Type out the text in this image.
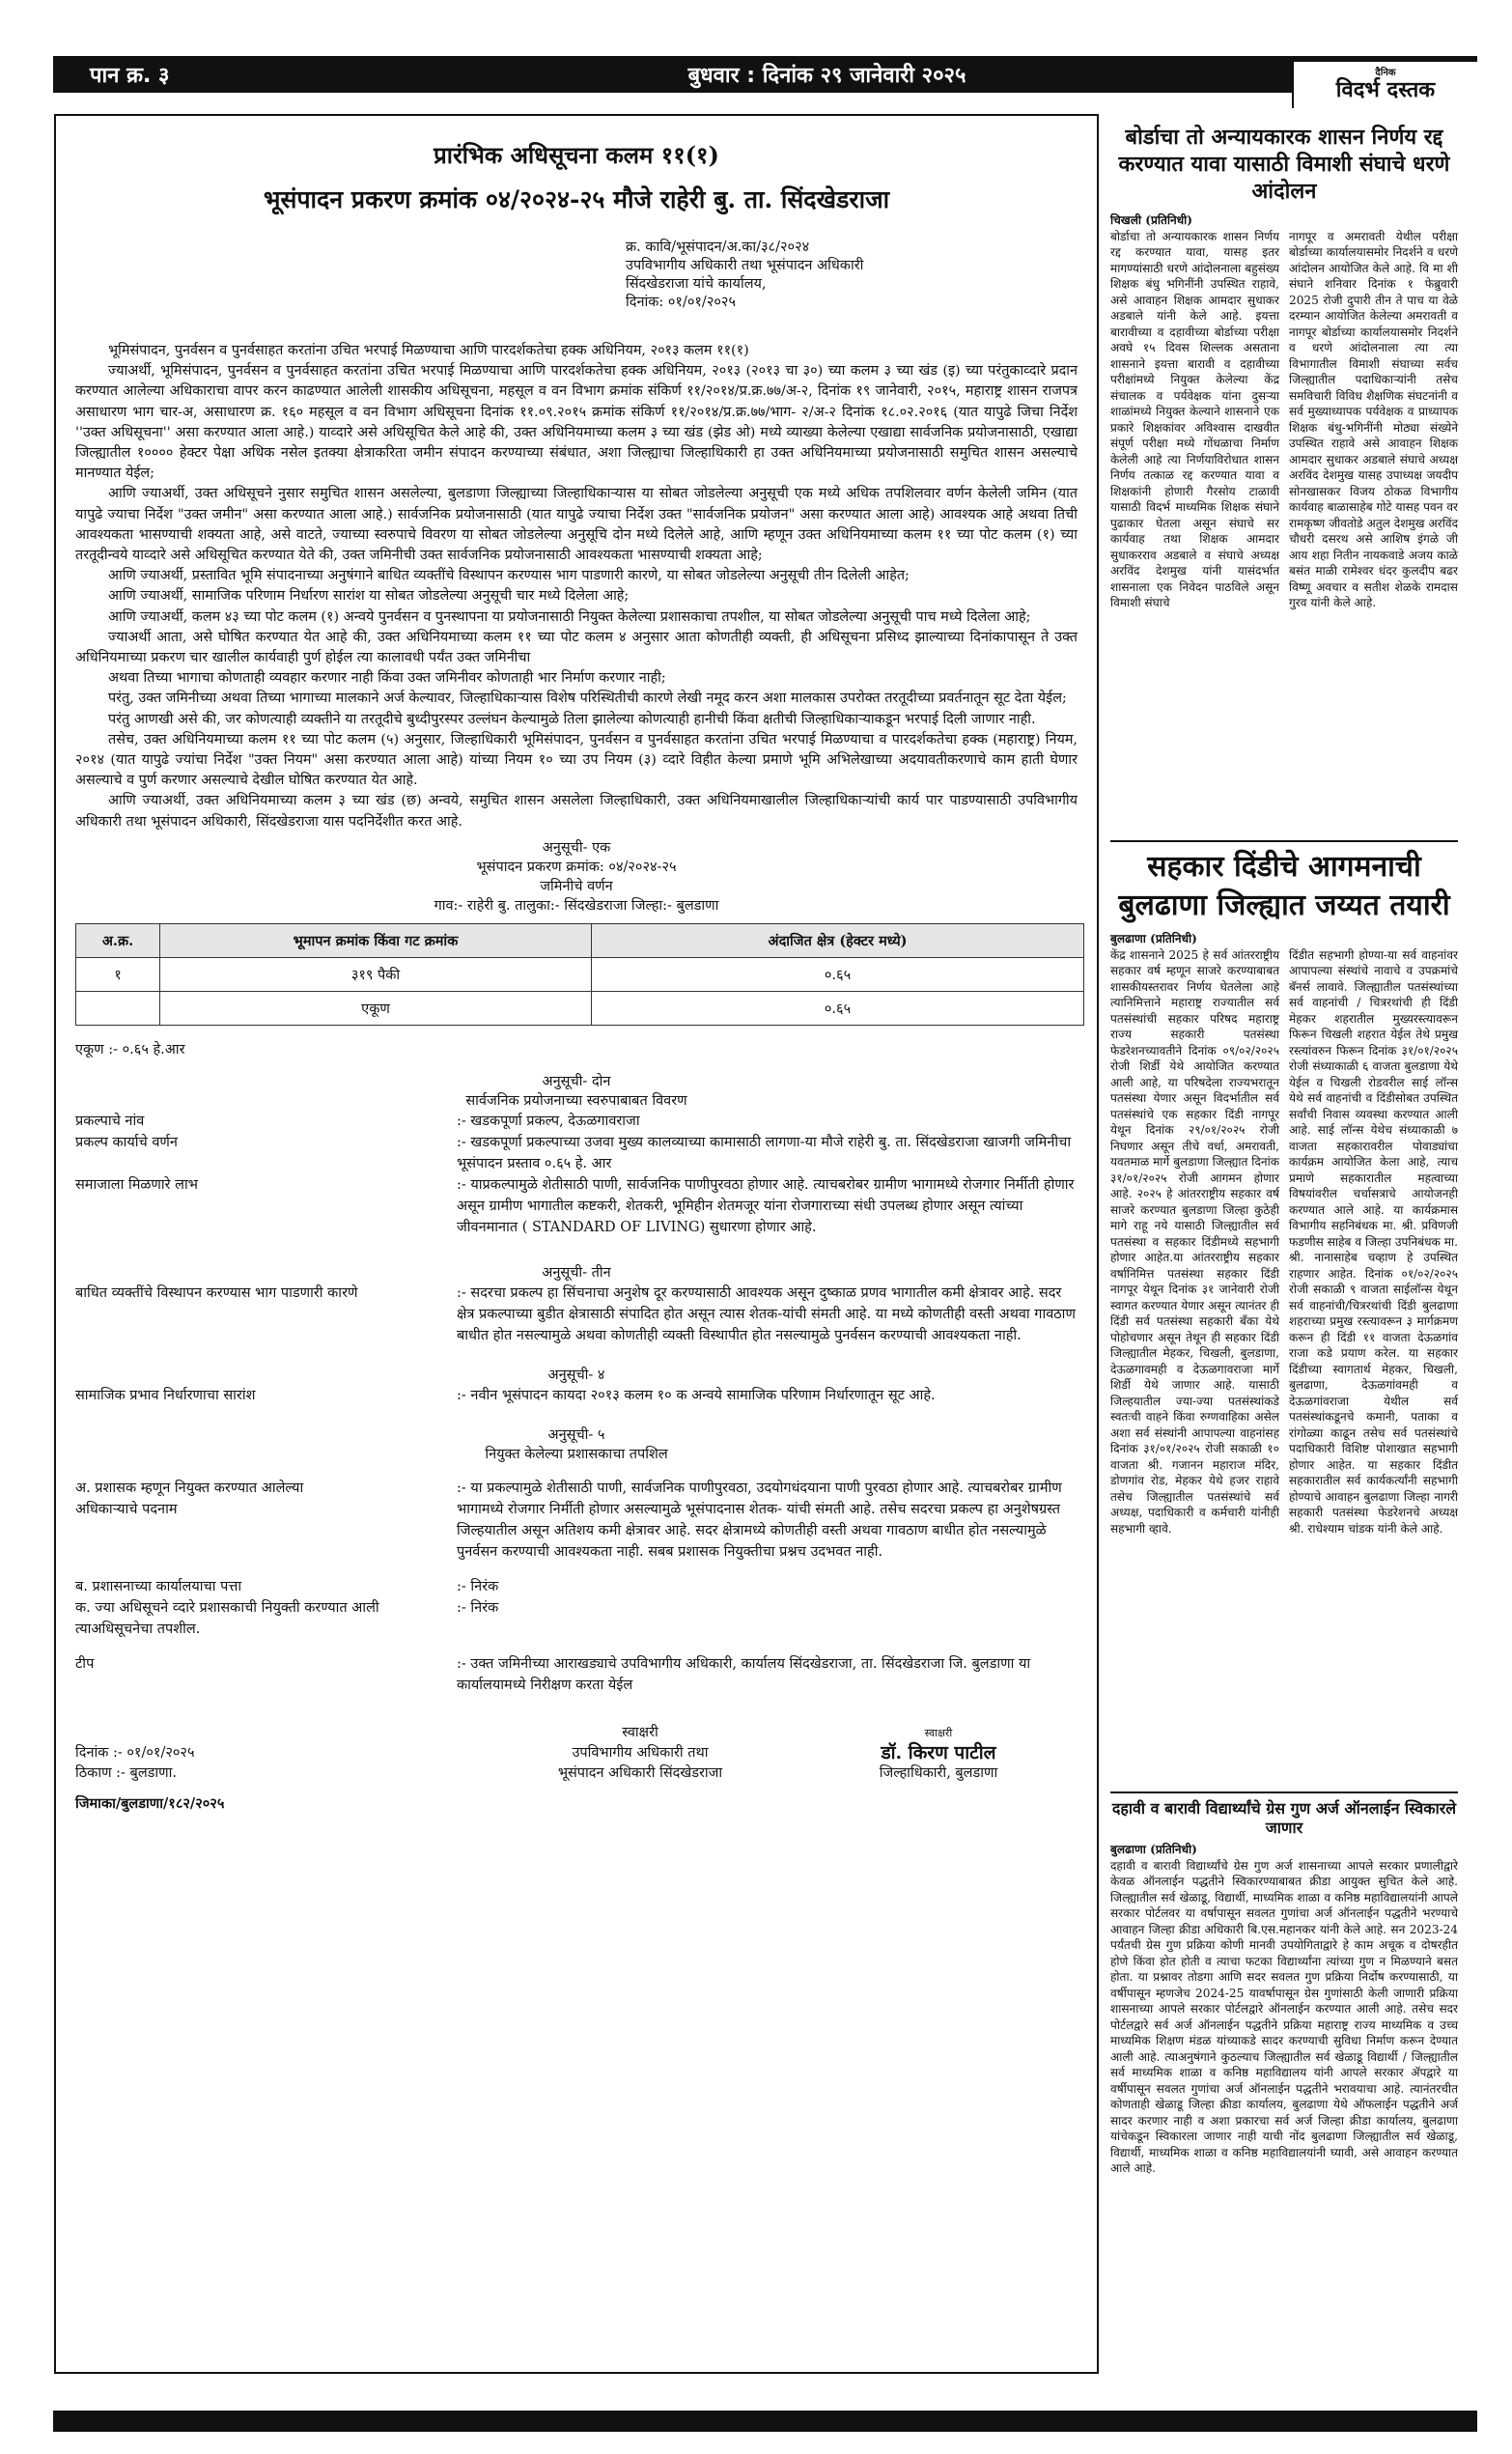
पान क्र. ३	बुधवार : दिनांक २९ जानेवारी २०२५	दैनिक
विदर्भ दस्तक
प्रारंभिक अधिसूचना कलम ११(१)
भूसंपादन प्रकरण क्रमांक ०४/२०२४-२५ मौजे राहेरी बु. ता. सिंदखेडराजा
क्र. कावि/भूसंपादन/अ.का/३८/२०२४
उपविभागीय अधिकारी तथा भूसंपादन अधिकारी
सिंदखेडराजा यांचे कार्यालय,
दिनांक: ०१/०१/२०२५

भूमिसंपादन, पुनर्वसन व पुनर्वसाहत करतांना उचित भरपाई मिळण्याचा आणि पारदर्शकतेचा हक्क अधिनियम, २०१३ कलम ११(१)

ज्याअर्थी, भूमिसंपादन, पुनर्वसन व पुनर्वसाहत करतांना उचित भरपाई मिळण्याचा आणि पारदर्शकतेचा हक्क अधिनियम, २०१३ (२०१३ चा ३०) च्या कलम ३ च्या खंड (इ) च्या परंतुकाव्दारे प्रदान करण्यात आलेल्या अधिकाराचा वापर करन काढण्यात आलेली शासकीय अधिसूचना, महसूल व वन विभाग क्रमांक संकिर्ण ११/२०१४/प्र.क्र.७७/अ-२, दिनांक १९ जानेवारी, २०१५, महाराष्ट्र शासन राजपत्र असाधारण भाग चार-अ, असाधारण क्र. १६० महसूल व वन विभाग अधिसूचना दिनांक ११.०९.२०१५ क्रमांक संकिर्ण ११/२०१४/प्र.क्र.७७/भाग- २/अ-२ दिनांक १८.०२.२०१६ (यात यापुढे जिचा निर्देश ''उक्त अधिसूचना'' असा करण्यात आला आहे.) याव्दारे असे अधिसूचित केले आहे की, उक्त अधिनियमाच्या कलम ३ च्या खंड (झेड ओ) मध्ये व्याख्या केलेल्या एखाद्या सार्वजनिक प्रयोजनासाठी, एखाद्या जिल्ह्यातील १०००० हेक्टर पेक्षा अधिक नसेल इतक्या क्षेत्राकरिता जमीन संपादन करण्याच्या संबंधात, अशा जिल्ह्याचा जिल्हाधिकारी हा उक्त अधिनियमाच्या प्रयोजनासाठी समुचित शासन असल्याचे मानण्यात येईल;

आणि ज्याअर्थी, उक्त अधिसूचने नुसार समुचित शासन असलेल्या, बुलडाणा जिल्ह्याच्या जिल्हाधिकाऱ्यास या सोबत जोडलेल्या अनुसूची एक मध्ये अधिक तपशिलवार वर्णन केलेली जमिन (यात यापुढे ज्याचा निर्देश "उक्त जमीन" असा करण्यात आला आहे.) सार्वजनिक प्रयोजनासाठी (यात यापुढे ज्याचा निर्देश उक्त "सार्वजनिक प्रयोजन" असा करण्यात आला आहे) आवश्यक आहे अथवा तिची आवश्यकता भासण्याची शक्यता आहे, असे वाटते, ज्याच्या स्वरुपाचे विवरण या सोबत जोडलेल्या अनुसूचि दोन मध्ये दिलेले आहे, आणि म्हणून उक्त अधिनियमाच्या कलम ११ च्या पोट कलम (१) च्या तरतूदीन्वये याव्दारे असे अधिसूचित करण्यात येते की, उक्त जमिनीची उक्त सार्वजनिक प्रयोजनासाठी आवश्यकता भासण्याची शक्यता आहे;

आणि ज्याअर्थी, प्रस्तावित भूमि संपादनाच्या अनुषंगाने बाधित व्यक्तींचे विस्थापन करण्यास भाग पाडणारी कारणे, या सोबत जोडलेल्या अनुसूची तीन दिलेली आहेत;

आणि ज्याअर्थी, सामाजिक परिणाम निर्धारण सारांश या सोबत जोडलेल्या अनुसूची चार मध्ये दिलेला आहे;

आणि ज्याअर्थी, कलम ४३ च्या पोट कलम (१) अन्वये पुनर्वसन व पुनस्थापना या प्रयोजनासाठी नियुक्त केलेल्या प्रशासकाचा तपशील, या सोबत जोडलेल्या अनुसूची पाच मध्ये दिलेला आहे;

ज्याअर्थी आता, असे घोषित करण्यात येत आहे की, उक्त अधिनियमाच्या कलम ११ च्या पोट कलम ४ अनुसार आता कोणतीही व्यक्ती, ही अधिसूचना प्रसिध्द झाल्याच्या दिनांकापासून ते उक्त अधिनियमाच्या प्रकरण चार खालील कार्यवाही पुर्ण होईल त्या कालावधी पर्यंत उक्त जमिनीचा

अथवा तिच्या भागाचा कोणताही व्यवहार करणार नाही किंवा उक्त जमिनीवर कोणताही भार निर्माण करणार नाही;

परंतु, उक्त जमिनीच्या अथवा तिच्या भागाच्या मालकाने अर्ज केल्यावर, जिल्हाधिकाऱ्यास विशेष परिस्थितीची कारणे लेखी नमूद करन अशा मालकास उपरोक्त तरतूदीच्या प्रवर्तनातून सूट देता येईल;

परंतु आणखी असे की, जर कोणत्याही व्यक्तीने या तरतूदीचे बुध्दीपुरस्पर उल्लंघन केल्यामुळे तिला झालेल्या कोणत्याही हानीची किंवा क्षतीची जिल्हाधिकाऱ्याकडून भरपाई दिली जाणार नाही.

तसेच, उक्त अधिनियमाच्या कलम ११ च्या पोट कलम (५) अनुसार, जिल्हाधिकारी भूमिसंपादन, पुनर्वसन व पुनर्वसाहत करतांना उचित भरपाई मिळण्याचा व पारदर्शकतेचा हक्क (महाराष्ट्र) नियम, २०१४ (यात यापुढे ज्यांचा निर्देश "उक्त नियम" असा करण्यात आला आहे) यांच्या नियम १० च्या उप नियम (३) व्दारे विहीत केल्या प्रमाणे भूमि अभिलेखाच्या अदयावतीकरणाचे काम हाती घेणार असल्याचे व पुर्ण करणार असल्याचे देखील घोषित करण्यात येत आहे.

आणि ज्याअर्थी, उक्त अधिनियमाच्या कलम ३ च्या खंड (छ) अन्वये, समुचित शासन असलेला जिल्हाधिकारी, उक्त अधिनियमाखालील जिल्हाधिकाऱ्यांची कार्य पार पाडण्यासाठी उपविभागीय अधिकारी तथा भूसंपादन अधिकारी, सिंदखेडराजा यास पदनिर्देशीत करत आहे.

अनुसूची- एक
भूसंपादन प्रकरण क्रमांक: ०४/२०२४-२५
जमिनीचे वर्णन
गाव:- राहेरी बु. तालुका:- सिंदखेडराजा जिल्हा:- बुलडाणा
अ.क्र.	भूमापन क्रमांक किंवा गट क्रमांक	अंदाजित क्षेत्र (हेक्टर मध्ये)
१	३१९ पैकी	०.६५
	एकूण	०.६५
एकूण :- ०.६५ हे.आर
अनुसूची- दोन
सार्वजनिक प्रयोजनाच्या स्वरुपाबाबत विवरण
प्रकल्पाचे नांव	:- खडकपूर्णा प्रकल्प, देऊळगावराजा
प्रकल्प कार्याचे वर्णन	:- खडकपूर्णा प्रकल्पाच्या उजवा मुख्य कालव्याच्या कामासाठी लागणा-या मौजे राहेरी बु. ता. सिंदखेडराजा खाजगी जमिनीचा भूसंपादन प्रस्ताव ०.६५ हे. आर
समाजाला मिळणारे लाभ	:- याप्रकल्पामुळे शेतीसाठी पाणी, सार्वजनिक पाणीपुरवठा होणार आहे. त्याचबरोबर ग्रामीण भागामध्ये रोजगार निर्मीती होणार असून ग्रामीण भागातील कष्टकरी, शेतकरी, भूमिहीन शेतमजूर यांना रोजगाराच्या संधी उपलब्ध होणार असून त्यांच्या जीवनमानात ( STANDARD OF LIVING) सुधारणा होणार आहे.
अनुसूची- तीन
बाधित व्यक्तींचे विस्थापन करण्यास भाग पाडणारी कारणे	:- सदरचा प्रकल्प हा सिंचनाचा अनुशेष दूर करण्यासाठी आवश्यक असून दुष्काळ प्रणव भागातील कमी क्षेत्रावर आहे. सदर क्षेत्र प्रकल्पाच्या बुडीत क्षेत्रासाठी संपादित होत असून त्यास शेतक-यांची संमती आहे. या मध्ये कोणतीही वस्ती अथवा गावठाण बाधीत होत नसल्यामुळे अथवा कोणतीही व्यक्ती विस्थापीत होत नसल्यामुळे पुनर्वसन करण्याची आवश्यकता नाही.
अनुसूची- ४
सामाजिक प्रभाव निर्धारणाचा सारांश	:- नवीन भूसंपादन कायदा २०१३ कलम १० क अन्वये सामाजिक परिणाम निर्धारणातून सूट आहे.
अनुसूची- ५
नियुक्त केलेल्या प्रशासकाचा तपशिल
अ. प्रशासक म्हणून नियुक्त करण्यात आलेल्या अधिकाऱ्याचे पदनाम
:- या प्रकल्पामुळे शेतीसाठी पाणी, सार्वजनिक पाणीपुरवठा, उदयोगधंदयाना पाणी पुरवठा होणार आहे. त्याचबरोबर ग्रामीण भागामध्ये रोजगार निर्मीती होणार असल्यामुळे भूसंपादनास शेतक- यांची संमती आहे. तसेच सदरचा प्रकल्प हा अनुशेषग्रस्त जिल्हयातील असून अतिशय कमी क्षेत्रावर आहे. सदर क्षेत्रामध्ये कोणतीही वस्ती अथवा गावठाण बाधीत होत नसल्यामुळे पुनर्वसन करण्याची आवश्यकता नाही. सबब प्रशासक नियुक्तीचा प्रश्नच उदभवत नाही.
ब. प्रशासनाच्या कार्यालयाचा पत्ता	:- निरंक
क. ज्या अधिसूचने व्दारे प्रशासकाची नियुक्ती करण्यात आली त्याअधिसूचनेचा तपशील.
:- निरंक
टीप	:- उक्त जमिनीच्या आराखड्याचे उपविभागीय अधिकारी, कार्यालय सिंदखेडराजा, ता. सिंदखेडराजा जि. बुलडाणा या कार्यालयामध्ये निरीक्षण करता येईल
दिनांक :- ०१/०१/२०२५
ठिकाण :- बुलडाणा.
स्वाक्षरी
उपविभागीय अधिकारी तथा
भूसंपादन अधिकारी सिंदखेडराजा
स्वाक्षरी
डॉ. किरण पाटील
जिल्हाधिकारी, बुलडाणा
जिमाका/बुलडाणा/१८२/२०२५
बोर्डाचा तो अन्यायकारक शासन निर्णय रद्द करण्यात यावा यासाठी विमाशी संघाचे धरणे आंदोलन
चिखली (प्रतिनिधी)
बोर्डाचा तो अन्यायकारक शासन निर्णय रद्द करण्यात यावा, यासह इतर मागण्यांसाठी धरणे आंदोलनाला बहुसंख्य शिक्षक बंधु भगिनींनी उपस्थित राहावे, असे आवाहन शिक्षक आमदार सुधाकर अडबाले यांनी केले आहे. इयत्ता बारावीच्या व दहावीच्या बोर्डाच्या परीक्षा अवघे १५ दिवस शिल्लक असताना शासनाने इयत्ता बारावी व दहावीच्या परीक्षांमध्ये नियुक्त केलेल्या केंद्र संचालक व पर्यवेक्षक यांना दुसऱ्या शाळांमध्ये नियुक्त केल्याने शासनाने एक प्रकारे शिक्षकांवर अविश्वास दाखवीत संपूर्ण परीक्षा मध्ये गोंधळाचा निर्माण केलेली आहे त्या निर्णयाविरोधात शासन निर्णय तत्काळ रद्द करण्यात यावा व शिक्षकांनी होणारी गैरसोय टाळावी यासाठी विदर्भ माध्यमिक शिक्षक संघाने पुढाकार घेतला असून संघाचे सर कार्यवाह तथा शिक्षक आमदार सुधाकरराव अडबाले व संघाचे अध्यक्ष अरविंद देशमुख यांनी यासंदर्भात शासनाला एक निवेदन पाठविले असून विमाशी संघाचे
नागपूर व अमरावती येथील परीक्षा बोर्डाच्या कार्यालयासमोर निदर्शने व धरणे आंदोलन आयोजित केले आहे. वि मा शी संघाने शनिवार दिनांक १ फेब्रुवारी 2025 रोजी दुपारी तीन ते पाच या वेळे दरम्यान आयोजित केलेल्या अमरावती व नागपूर बोर्डाच्या कार्यालयासमोर निदर्शने व धरणे आंदोलनाला त्या त्या विभागातील विमाशी संघाच्या सर्वच जिल्ह्यातील पदाधिकाऱ्यांनी तसेच समविचारी विविध शैक्षणिक संघटनांनी व सर्व मुख्याध्यापक पर्यवेक्षक व प्राध्यापक शिक्षक बंधु-भगिनींनी मोठ्या संख्येने उपस्थित राहावे असे आवाहन शिक्षक आमदार सुधाकर अडबाले संघाचे अध्यक्ष अरविंद देशमुख यासह उपाध्यक्ष जयदीप सोनखासकर विजय ठोकळ विभागीय कार्यवाह बाळासाहेब गोटे यासह पवन वर रामकृष्ण जीवतोडे अतुल देशमुख अरविंद चौधरी दसरथ असे आशिष इंगळे जी आय शहा नितीन नायकवाडे अजय काळे बसंत माळी रामेश्वर धंदर कुलदीप बढर विष्णू अवचार व सतीश शेळके रामदास गुरव यांनी केले आहे.
सहकार दिंडीचे आगमनाची बुलढाणा जिल्ह्यात जय्यत तयारी
बुलढाणा (प्रतिनिधी)
केंद्र शासनाने 2025 हे सर्व आंतरराष्ट्रीय सहकार वर्ष म्हणून साजरे करण्याबाबत शासकीयस्तरावर निर्णय घेतलेला आहे त्यानिमित्ताने महाराष्ट्र राज्यातील सर्व पतसंस्थांची सहकार परिषद महाराष्ट्र राज्य सहकारी पतसंस्था फेडरेशनच्यावतीने दिनांक ०९/०२/२०२५ रोजी शिर्डी येथे आयोजित करण्यात आली आहे, या परिषदेला राज्यभरातून पतसंस्था येणार असून विदर्भातील सर्व पतसंस्थांचे एक सहकार दिंडी नागपूर येथून दिनांक २९/०१/२०२५ रोजी निघणार असून तीचे वर्धा, अमरावती, यवतमाळ मार्गे बुलडाणा जिल्ह्यात दिनांक ३१/०१/२०२५ रोजी आगमन होणार आहे. २०२५ हे आंतरराष्ट्रीय सहकार वर्ष साजरे करण्यात बुलडाणा जिल्हा कुठेही मागे राहू नये यासाठी जिल्ह्यातील सर्व पतसंस्था व सहकार दिंडीमध्ये सहभागी होणार आहेत.या आंतरराष्ट्रीय सहकार वर्षानिमित्त पतसंस्था सहकार दिंडी नागपूर येथून दिनांक ३१ जानेवारी रोजी स्वागत करण्यात येणार असून त्यानंतर ही दिंडी सर्व पतसंस्था सहकारी बँका येथे पोहोचणार असून तेथून ही सहकार दिंडी जिल्ह्यातील मेहकर, चिखली, बुलडाणा, देऊळगावमही व देऊळगावराजा मार्गे शिर्डी येथे जाणार आहे. यासाठी जिल्हयातील ज्या-ज्या पतसंस्थांकडे स्वतःची वाहने किंवा रुग्णवाहिका असेल अशा सर्व संस्थांनी आपापल्या वाहनांसह दिनांक ३१/०१/२०२५ रोजी सकाळी १० वाजता श्री. गजानन महाराज मंदिर, डोणगांव रोड, मेहकर येथे हजर राहावे तसेच जिल्ह्यातील पतसंस्थांचे सर्व अध्यक्ष, पदाधिकारी व कर्मचारी यांनीही सहभागी व्हावे.
दिंडीत सहभागी होण्या-या सर्व वाहनांवर आपापल्या संस्थांचे नावाचे व उपक्रमांचे बॅनर्स लावावे. जिल्ह्यातील पतसंस्थांच्या सर्व वाहनांची / चित्ररथांची ही दिंडी मेहकर शहरातील मुख्यरस्त्यावरून फिरून चिखली शहरात येईल तेथे प्रमुख रस्त्यांवरुन फिरून दिनांक ३१/०१/२०२५ रोजी संध्याकाळी ६ वाजता बुलडाणा येथे येईल व चिखली रोडवरील साई लॉन्स येथे सर्व वाहनांची व दिंडीसोबत उपस्थित सर्वांची निवास व्यवस्था करण्यात आली आहे. साई लॉन्स येथेच संध्याकाळी ७ वाजता सहकारावरील पोवाड्यांचा कार्यक्रम आयोजित केला आहे, त्याच प्रमाणे सहकारातील महत्वाच्या विषयांवरील चर्चासत्राचे आयोजनही करण्यात आले आहे. या कार्यक्रमास विभागीय सहनिबंधक मा. श्री. प्रविणजी फडणीस साहेब व जिल्हा उपनिबंधक मा. श्री. नानासाहेब चव्हाण हे उपस्थित राहणार आहेत. दिनांक ०१/०२/२०२५ रोजी सकाळी ९ वाजता साईलॉन्स येथून सर्व वाहनांची/चित्ररथांची दिंडी बुलढाणा शहराच्या प्रमुख रस्त्यावरून ३ मार्गक्रमण करून ही दिंडी ११ वाजता देऊळगांव राजा कडे प्रयाण करेल. या सहकार दिंडीच्या स्वागतार्थ मेहकर, चिखली, बुलढाणा, देऊळगांवमही व देऊळगांवराजा येथील सर्व पतसंस्थांकडूनचे कमानी, पताका व रांगोळ्या काढून तसेच सर्व पतसंस्थांचे पदाधिकारी विशिष्ट पोशाखात सहभागी होणार आहेत. या सहकार दिंडीत सहकारातील सर्व कार्यकर्त्यांनी सहभागी होण्याचे आवाहन बुलढाणा जिल्हा नागरी सहकारी पतसंस्था फेडरेशनचे अध्यक्ष श्री. राधेश्याम चांडक यांनी केले आहे.
दहावी व बारावी विद्यार्थ्यांचे ग्रेस गुण अर्ज ऑनलाईन स्विकारले जाणार
बुलढाणा (प्रतिनिधी)
दहावी व बारावी विद्यार्थ्यांचे ग्रेस गुण अर्ज शासनाच्या आपले सरकार प्रणालीद्वारे केवळ ऑनलाईन पद्धतीने स्विकारण्याबाबत क्रीडा आयुक्त सुचित केले आहे. जिल्ह्यातील सर्व खेळाडू, विद्यार्थी, माध्यमिक शाळा व कनिष्ठ महाविद्यालयांनी आपले सरकार पोर्टलवर या वर्षापासून सवलत गुणांचा अर्ज ऑनलाईन पद्धतीने भरण्याचे आवाहन जिल्हा क्रीडा अधिकारी बि.एस.महानकर यांनी केले आहे. सन 2023-24 पर्यंतची ग्रेस गुण प्रक्रिया कोणी मानवी उपयोगिताद्वारे हे काम अचूक व दोषरहीत होणे किंवा होत होती व त्याचा फटका विद्यार्थ्यांना त्यांच्या गुण न मिळण्याने बसत होता. या प्रश्नावर तोडगा आणि सदर सवलत गुण प्रक्रिया निर्दोष करण्यासाठी, या वर्षीपासून म्हणजेच 2024-25 यावर्षापासून ग्रेस गुणांसाठी केली जाणारी प्रक्रिया शासनाच्या आपले सरकार पोर्टलद्वारे ऑनलाईन करण्यात आली आहे. तसेच सदर पोर्टलद्वारे सर्व अर्ज ऑनलाईन पद्धतीने प्रक्रिया महाराष्ट्र राज्य माध्यमिक व उच्च माध्यमिक शिक्षण मंडळ यांच्याकडे सादर करण्याची सुविधा निर्माण करून देण्यात आली आहे. त्याअनुषंगाने कुठल्याच जिल्ह्यातील सर्व खेळाडू विद्यार्थी / जिल्ह्यातील सर्व माध्यमिक शाळा व कनिष्ठ महाविद्यालय यांनी आपले सरकार ॲपद्वारे या वर्षीपासून सवलत गुणांचा अर्ज ऑनलाईन पद्धतीने भरावयाचा आहे. त्यानंतरचीत कोणताही खेळाडू जिल्हा क्रीडा कार्यालय, बुलढाणा येथे ऑफलाईन पद्धतीने अर्ज सादर करणार नाही व अशा प्रकारचा सर्व अर्ज जिल्हा क्रीडा कार्यालय, बुलढाणा यांचेकडून स्विकारला जाणार नाही याची नोंद बुलढाणा जिल्ह्यातील सर्व खेळाडू, विद्यार्थी, माध्यमिक शाळा व कनिष्ठ महाविद्यालयांनी घ्यावी, असे आवाहन करण्यात आले आहे.
